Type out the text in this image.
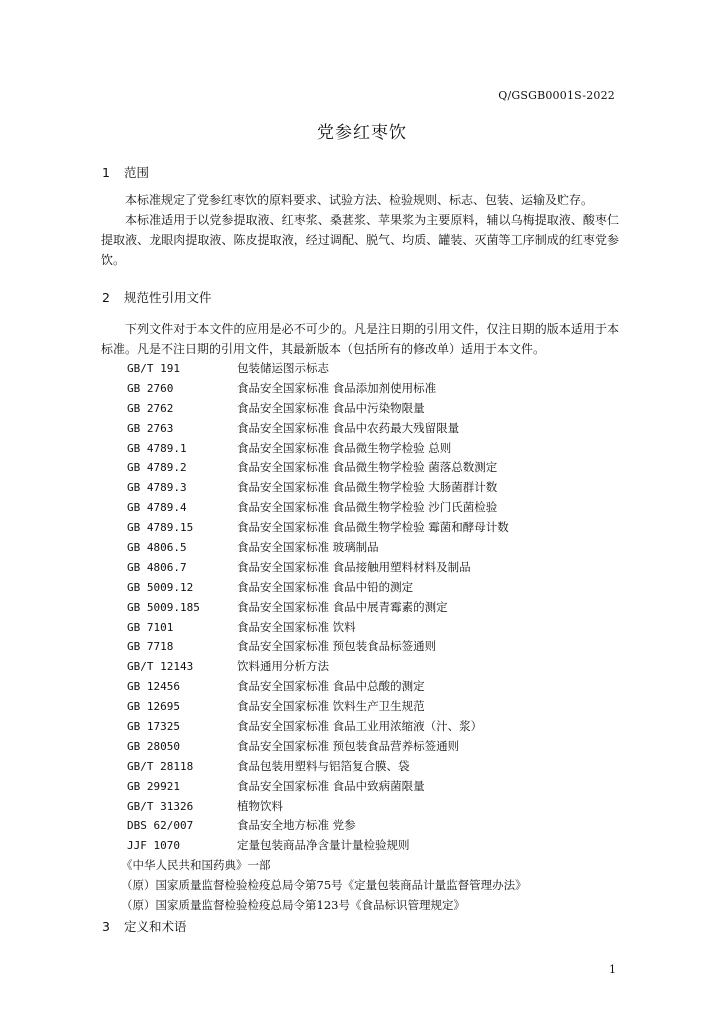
Q/GSGB0001S-2022
党参红枣饮
1 范围

本标准规定了党参红枣饮的原料要求、试验方法、检验规则、标志、包装、运输及贮存。

本标准适用于以党参提取液、红枣浆、桑葚浆、苹果浆为主要原料，辅以乌梅提取液、酸枣仁提取液、龙眼肉提取液、陈皮提取液，经过调配、脱气、均质、罐装、灭菌等工序制成的红枣党参饮。

2 规范性引用文件

下列文件对于本文件的应用是必不可少的。凡是注日期的引用文件，仅注日期的版本适用于本标准。凡是不注日期的引用文件，其最新版本（包括所有的修改单）适用于本文件。

GB/T 191	包装储运图示标志
GB 2760	食品安全国家标准 食品添加剂使用标准
GB 2762	食品安全国家标准 食品中污染物限量
GB 2763	食品安全国家标准 食品中农药最大残留限量
GB 4789.1	食品安全国家标准 食品微生物学检验 总则
GB 4789.2	食品安全国家标准 食品微生物学检验 菌落总数测定
GB 4789.3	食品安全国家标准 食品微生物学检验 大肠菌群计数
GB 4789.4	食品安全国家标准 食品微生物学检验 沙门氏菌检验
GB 4789.15	食品安全国家标准 食品微生物学检验 霉菌和酵母计数
GB 4806.5	食品安全国家标准 玻璃制品
GB 4806.7	食品安全国家标准 食品接触用塑料材料及制品
GB 5009.12	食品安全国家标准 食品中铅的测定
GB 5009.185	食品安全国家标准 食品中展青霉素的测定
GB 7101	食品安全国家标准 饮料
GB 7718	食品安全国家标准 预包装食品标签通则
GB/T 12143	饮料通用分析方法
GB 12456	食品安全国家标准 食品中总酸的测定
GB 12695	食品安全国家标准 饮料生产卫生规范
GB 17325	食品安全国家标准 食品工业用浓缩液（汁、浆）
GB 28050	食品安全国家标准 预包装食品营养标签通则
GB/T 28118	食品包装用塑料与铝箔复合膜、袋
GB 29921	食品安全国家标准 食品中致病菌限量
GB/T 31326	植物饮料
DBS 62/007	食品安全地方标准 党参
JJF 1070	定量包装商品净含量计量检验规则
《中华人民共和国药典》一部
（原）国家质量监督检验检疫总局令第75号《定量包装商品计量监督管理办法》
（原）国家质量监督检验检疫总局令第123号《食品标识管理规定》
3 定义和术语
1
